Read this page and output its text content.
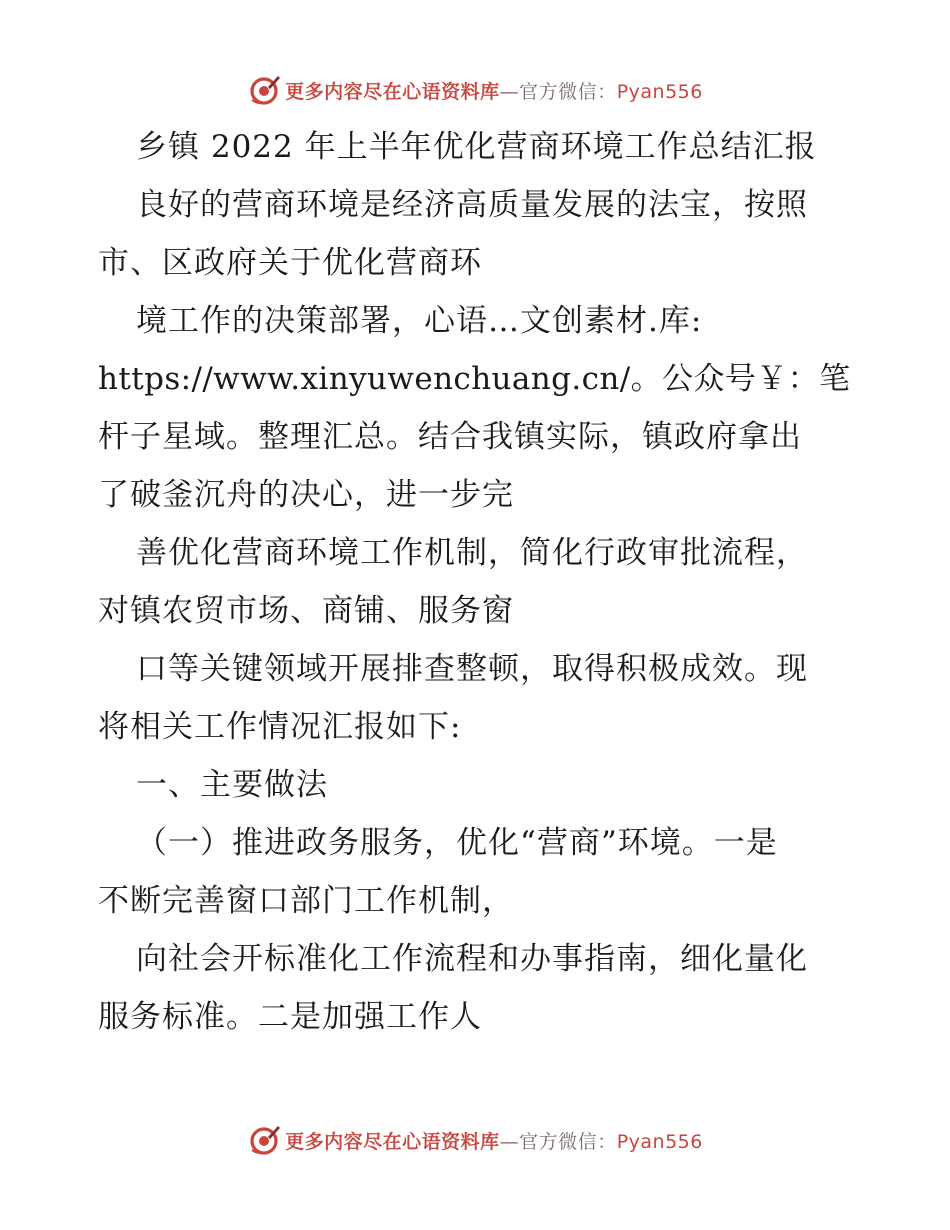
更多内容尽在心语资料库—官方微信：Pyan556
乡镇 2022 年上半年优化营商环境工作总结汇报
良好的营商环境是经济高质量发展的法宝，按照
市、区政府关于优化营商环
境工作的决策部署，心语…文创素材.库:
https://www.xinyuwenchuang.cn/。公众号￥：笔
杆子星域。整理汇总。结合我镇实际，镇政府拿出
了破釜沉舟的决心，进一步完
善优化营商环境工作机制，简化行政审批流程，
对镇农贸市场、商铺、服务窗
口等关键领域开展排查整顿，取得积极成效。现
将相关工作情况汇报如下:
一、主要做法
（一）推进政务服务，优化“营商”环境。一是
不断完善窗口部门工作机制，
向社会开标准化工作流程和办事指南，细化量化
服务标准。二是加强工作人
更多内容尽在心语资料库—官方微信：Pyan556
